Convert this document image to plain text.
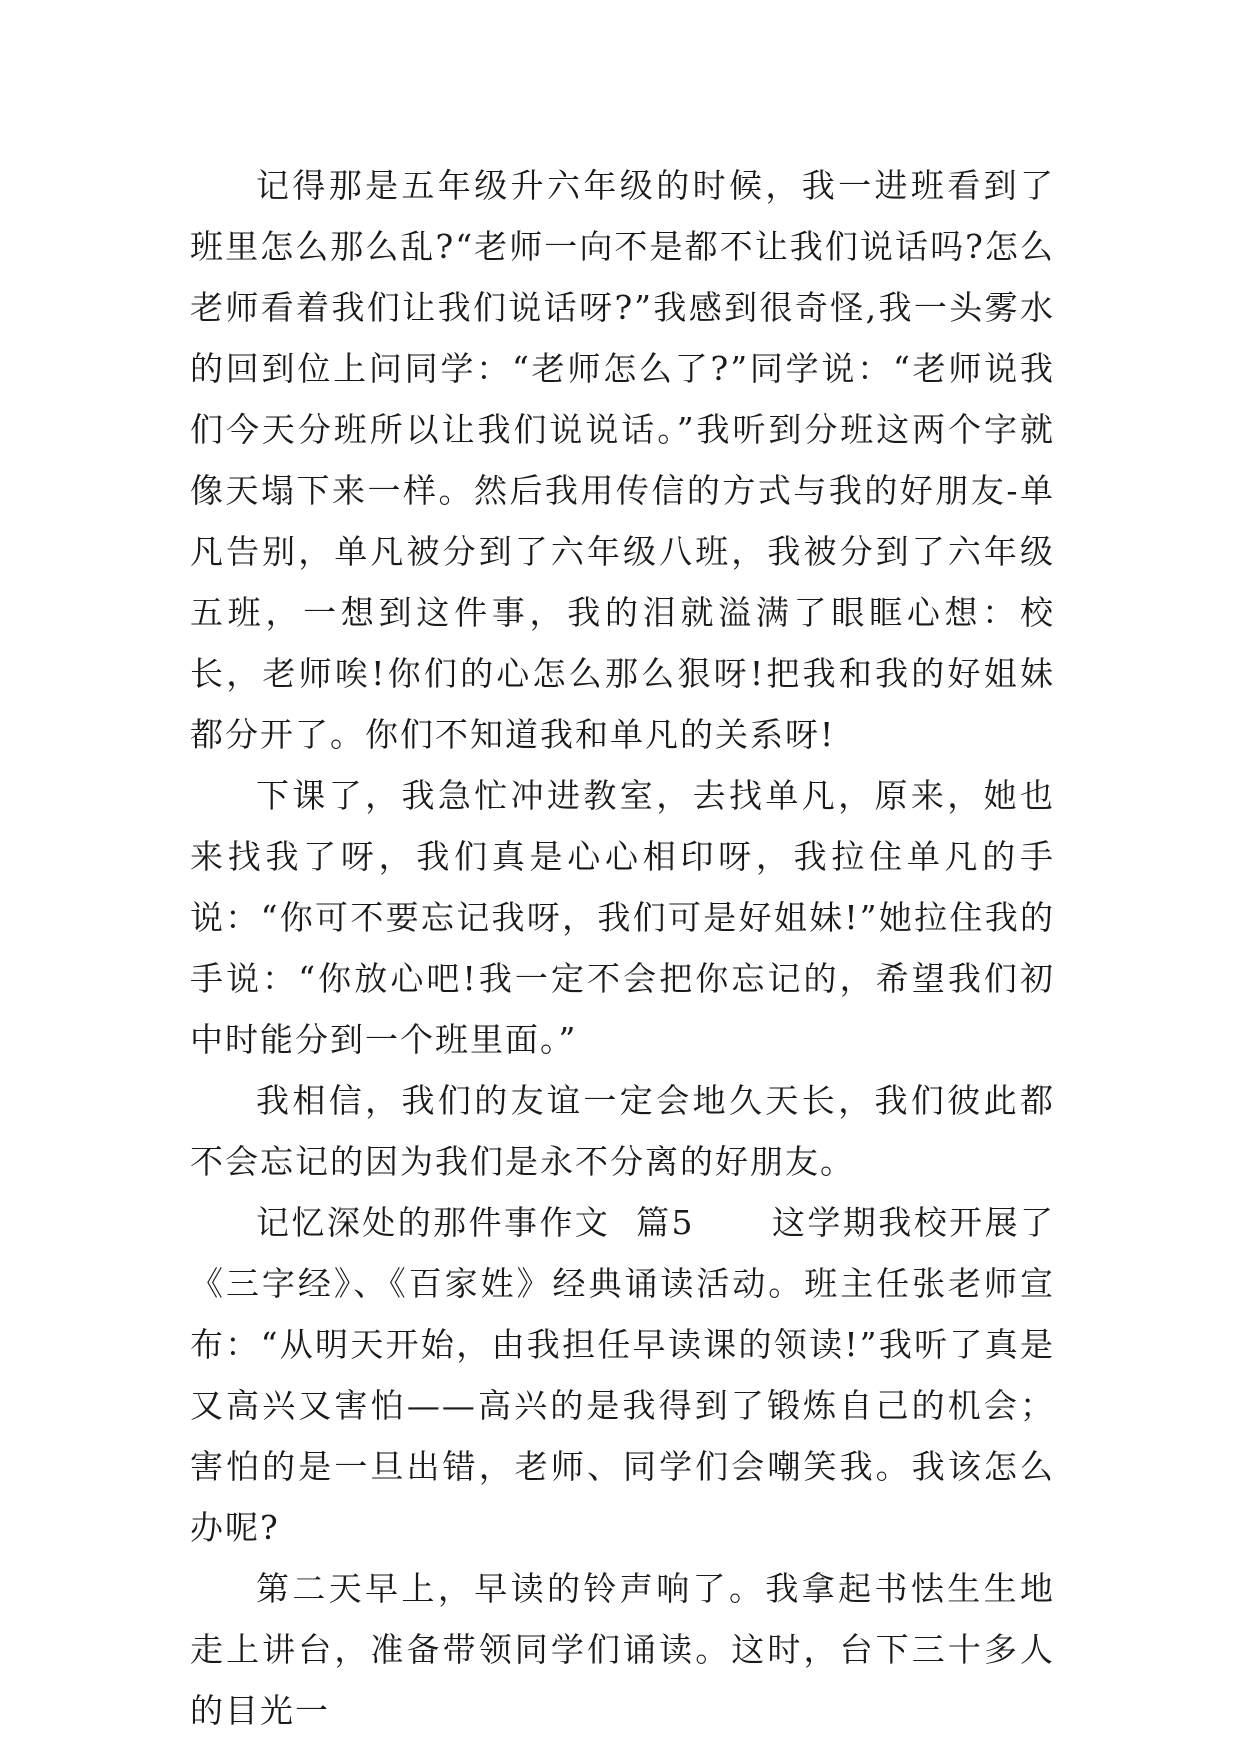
记得那是五年级升六年级的时候，我一进班看到了班里怎么那么乱?“老师一向不是都不让我们说话吗?怎么老师看着我们让我们说话呀?”我感到很奇怪,我一头雾水的回到位上问同学：“老师怎么了?”同学说：“老师说我们今天分班所以让我们说说话。”我听到分班这两个字就像天塌下来一样。然后我用传信的方式与我的好朋友-单凡告别，单凡被分到了六年级八班，我被分到了六年级五班，一想到这件事，我的泪就溢满了眼眶心想：校长，老师唉!你们的心怎么那么狠呀!把我和我的好姐妹都分开了。你们不知道我和单凡的关系呀!

下课了，我急忙冲进教室，去找单凡，原来，她也来找我了呀，我们真是心心相印呀，我拉住单凡的手说：“你可不要忘记我呀，我们可是好姐妹!”她拉住我的手说：“你放心吧!我一定不会把你忘记的，希望我们初中时能分到一个班里面。”

我相信，我们的友谊一定会地久天长，我们彼此都不会忘记的因为我们是永不分离的好朋友。

记忆深处的那件事作文  篇5      这学期我校开展了《三字经》、《百家姓》经典诵读活动。班主任张老师宣布：“从明天开始，由我担任早读课的领读!”我听了真是又高兴又害怕——高兴的是我得到了锻炼自己的机会；害怕的是一旦出错，老师、同学们会嘲笑我。我该怎么办呢?

第二天早上，早读的铃声响了。我拿起书怯生生地走上讲台，准备带领同学们诵读。这时，台下三十多人的目光一
